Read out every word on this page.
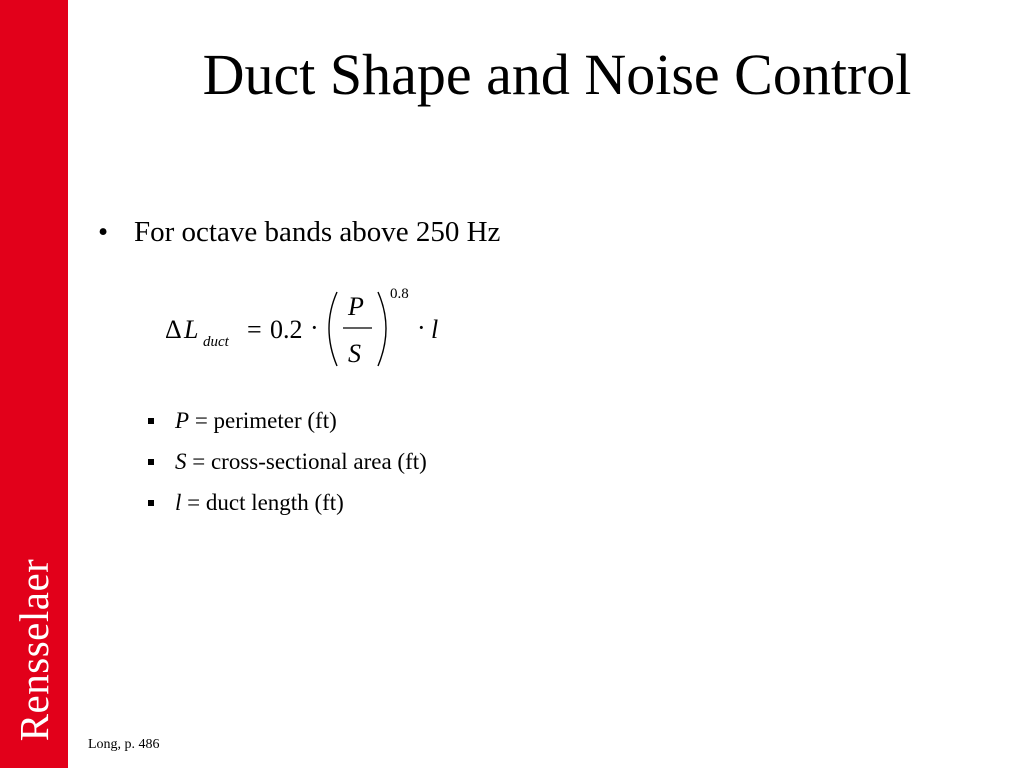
Rensselaer
Duct Shape and Noise Control
• For octave bands above 250 Hz
Δ L duct = 0.2 ·
P
S
0.8
· l
P = perimeter (ft)
S = cross-sectional area (ft)
l = duct length (ft)
Long, p. 486
